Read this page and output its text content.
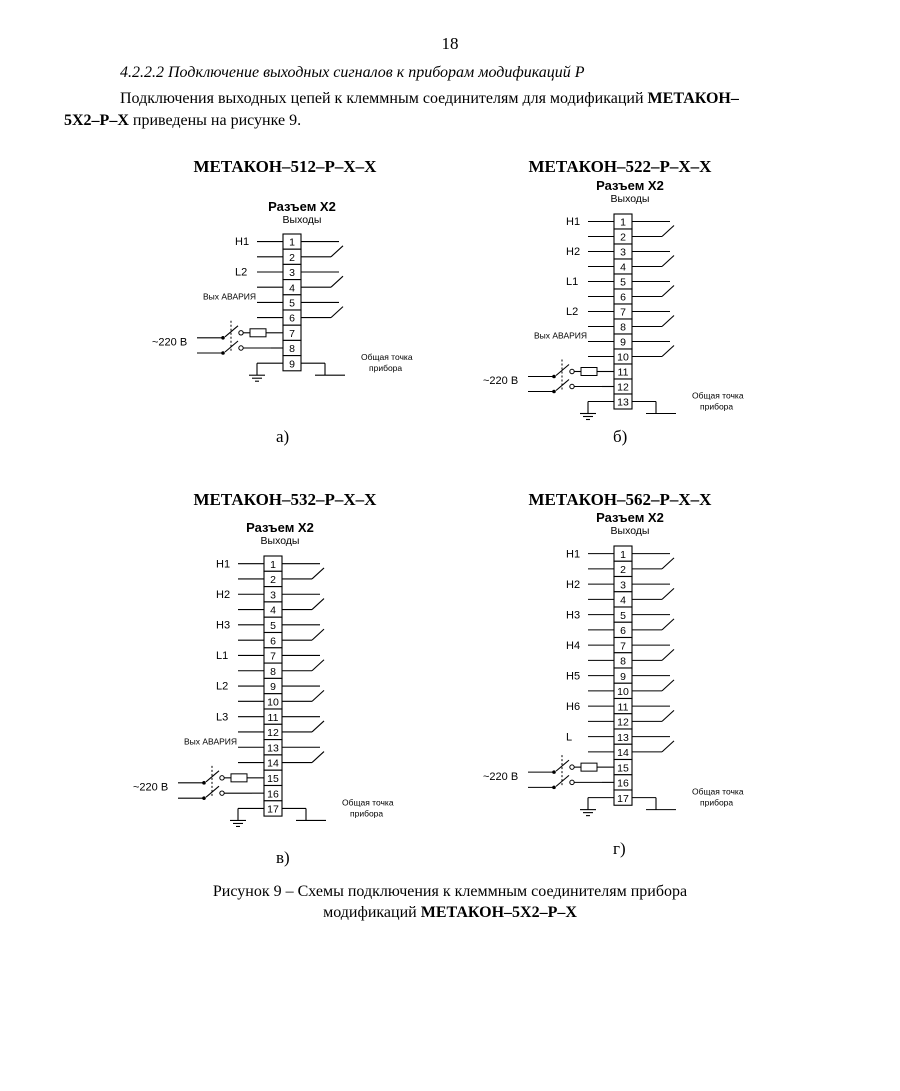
18
4.2.2.2 Подключение выходных сигналов к приборам модификаций Р

Подключения выходных цепей к клеммным соединителям для модификаций МЕТАКОН–

5Х2–Р–Х приведены на рисунке 9.
МЕТАКОН–512–Р–Х–Х	МЕТАКОН–522–Р–Х–Х
МЕТАКОН–532–Р–Х–Х	МЕТАКОН–562–Р–Х–Х
а)	б)
в)	г)
Разъем Х2
Выходы
1
2
3
4
5
6
7
8
9
Н1
L2
Вых АВАРИЯ
~220 В
Общая точка
прибора
Разъем Х2
Выходы
1
2
3
4
5
6
7
8
9
10
11
12
13
Н1
Н2
L1
L2
Вых АВАРИЯ
~220 В
Общая точка
прибора
Разъем Х2
Выходы
1
2
3
4
5
6
7
8
9
10
11
12
13
14
15
16
17
Н1
Н2
Н3
L1
L2
L3
Вых АВАРИЯ
~220 В
Общая точка
прибора
Разъем Х2
Выходы
1
2
3
4
5
6
7
8
9
10
11
12
13
14
15
16
17
Н1
Н2
Н3
Н4
Н5
Н6
L
~220 В
Общая точка
прибора
Рисунок 9 – Схемы подключения к клеммным соединителям прибора
модификаций МЕТАКОН–5Х2–Р–Х
